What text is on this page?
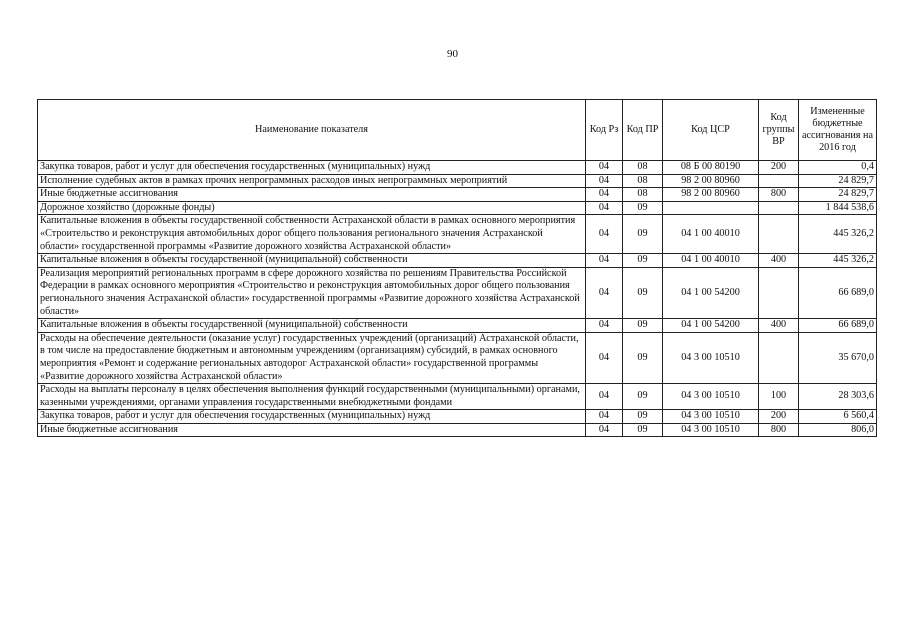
90
Наименование показателя	Код Рз	Код ПР	Код ЦСР	Код группы ВР	Измененные бюджетные ассигнования на 2016 год
Закупка товаров, работ и услуг для обеспечения государственных (муниципальных) нужд	04	08	08 Б 00 80190	200	0,4
Исполнение судебных актов в рамках прочих непрограммных расходов иных непрограммных мероприятий	04	08	98 2 00 80960		24 829,7
Иные бюджетные ассигнования	04	08	98 2 00 80960	800	24 829,7
Дорожное хозяйство (дорожные фонды)	04	09			1 844 538,6
Капитальные вложения в объекты государственной собственности Астраханской области в рамках основного мероприятия «Строительство и реконструкция автомобильных дорог общего пользования регионального значения Астраханской области» государственной программы «Развитие дорожного хозяйства Астраханской области»	04	09	04 1 00 40010		445 326,2
Капитальные вложения в объекты государственной (муниципальной) собственности	04	09	04 1 00 40010	400	445 326,2
Реализация мероприятий региональных программ в сфере дорожного хозяйства по решениям Правительства Российской Федерации в рамках основного мероприятия «Строительство и реконструкция автомобильных дорог общего пользования регионального значения Астраханской области» государственной программы «Развитие дорожного хозяйства Астраханской области»	04	09	04 1 00 54200		66 689,0
Капитальные вложения в объекты государственной (муниципальной) собственности	04	09	04 1 00 54200	400	66 689,0
Расходы на обеспечение деятельности (оказание услуг) государственных учреждений (организаций) Астраханской области, в том числе на предоставление бюджетным и автономным учреждениям (организациям) субсидий, в рамках основного мероприятия «Ремонт и содержание региональных автодорог Астраханской области» государственной программы «Развитие дорожного хозяйства Астраханской области»	04	09	04 3 00 10510		35 670,0
Расходы на выплаты персоналу в целях обеспечения выполнения функций государственными (муниципальными) органами, казенными учреждениями, органами управления государственными внебюджетными фондами	04	09	04 3 00 10510	100	28 303,6
Закупка товаров, работ и услуг для обеспечения государственных (муниципальных) нужд	04	09	04 3 00 10510	200	6 560,4
Иные бюджетные ассигнования	04	09	04 3 00 10510	800	806,0
